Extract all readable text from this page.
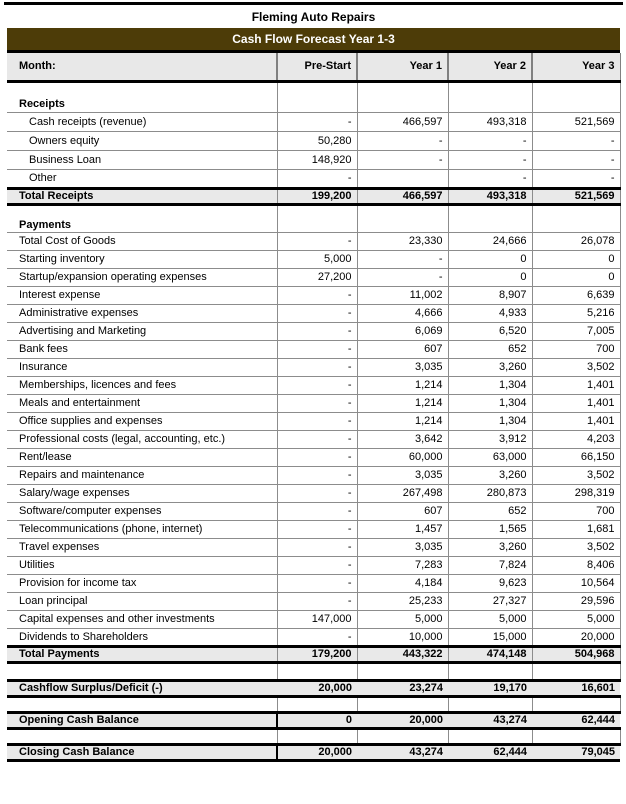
Fleming Auto Repairs
Cash Flow Forecast Year 1-3
Month:	Pre-Start	Year 1	Year 2	Year 3

Receipts				
Cash receipts (revenue)	-	466,597	493,318	521,569
Owners equity	50,280	-	-	-
Business Loan	148,920	-	-	-
Other	-		-	-
Total Receipts	199,200	466,597	493,318	521,569

Payments				
Total Cost of Goods	-	23,330	24,666	26,078
Starting inventory	5,000	-	0	0
Startup/expansion operating expenses	27,200	-	0	0
Interest expense	-	11,002	8,907	6,639
Administrative expenses	-	4,666	4,933	5,216
Advertising and Marketing	-	6,069	6,520	7,005
Bank fees	-	607	652	700
Insurance	-	3,035	3,260	3,502
Memberships, licences and fees	-	1,214	1,304	1,401
Meals and entertainment	-	1,214	1,304	1,401
Office supplies and expenses	-	1,214	1,304	1,401
Professional costs (legal, accounting, etc.)	-	3,642	3,912	4,203
Rent/lease	-	60,000	63,000	66,150
Repairs and maintenance	-	3,035	3,260	3,502
Salary/wage expenses	-	267,498	280,873	298,319
Software/computer expenses	-	607	652	700
Telecommunications (phone, internet)	-	1,457	1,565	1,681
Travel expenses	-	3,035	3,260	3,502
Utilities	-	7,283	7,824	8,406
Provision for income tax	-	4,184	9,623	10,564
Loan principal	-	25,233	27,327	29,596
Capital expenses and other investments	147,000	5,000	5,000	5,000
Dividends to Shareholders	-	10,000	15,000	20,000
Total Payments	179,200	443,322	474,148	504,968

Cashflow Surplus/Deficit (-)	20,000	23,274	19,170	16,601

Opening Cash Balance	0	20,000	43,274	62,444

Closing Cash Balance	20,000	43,274	62,444	79,045
